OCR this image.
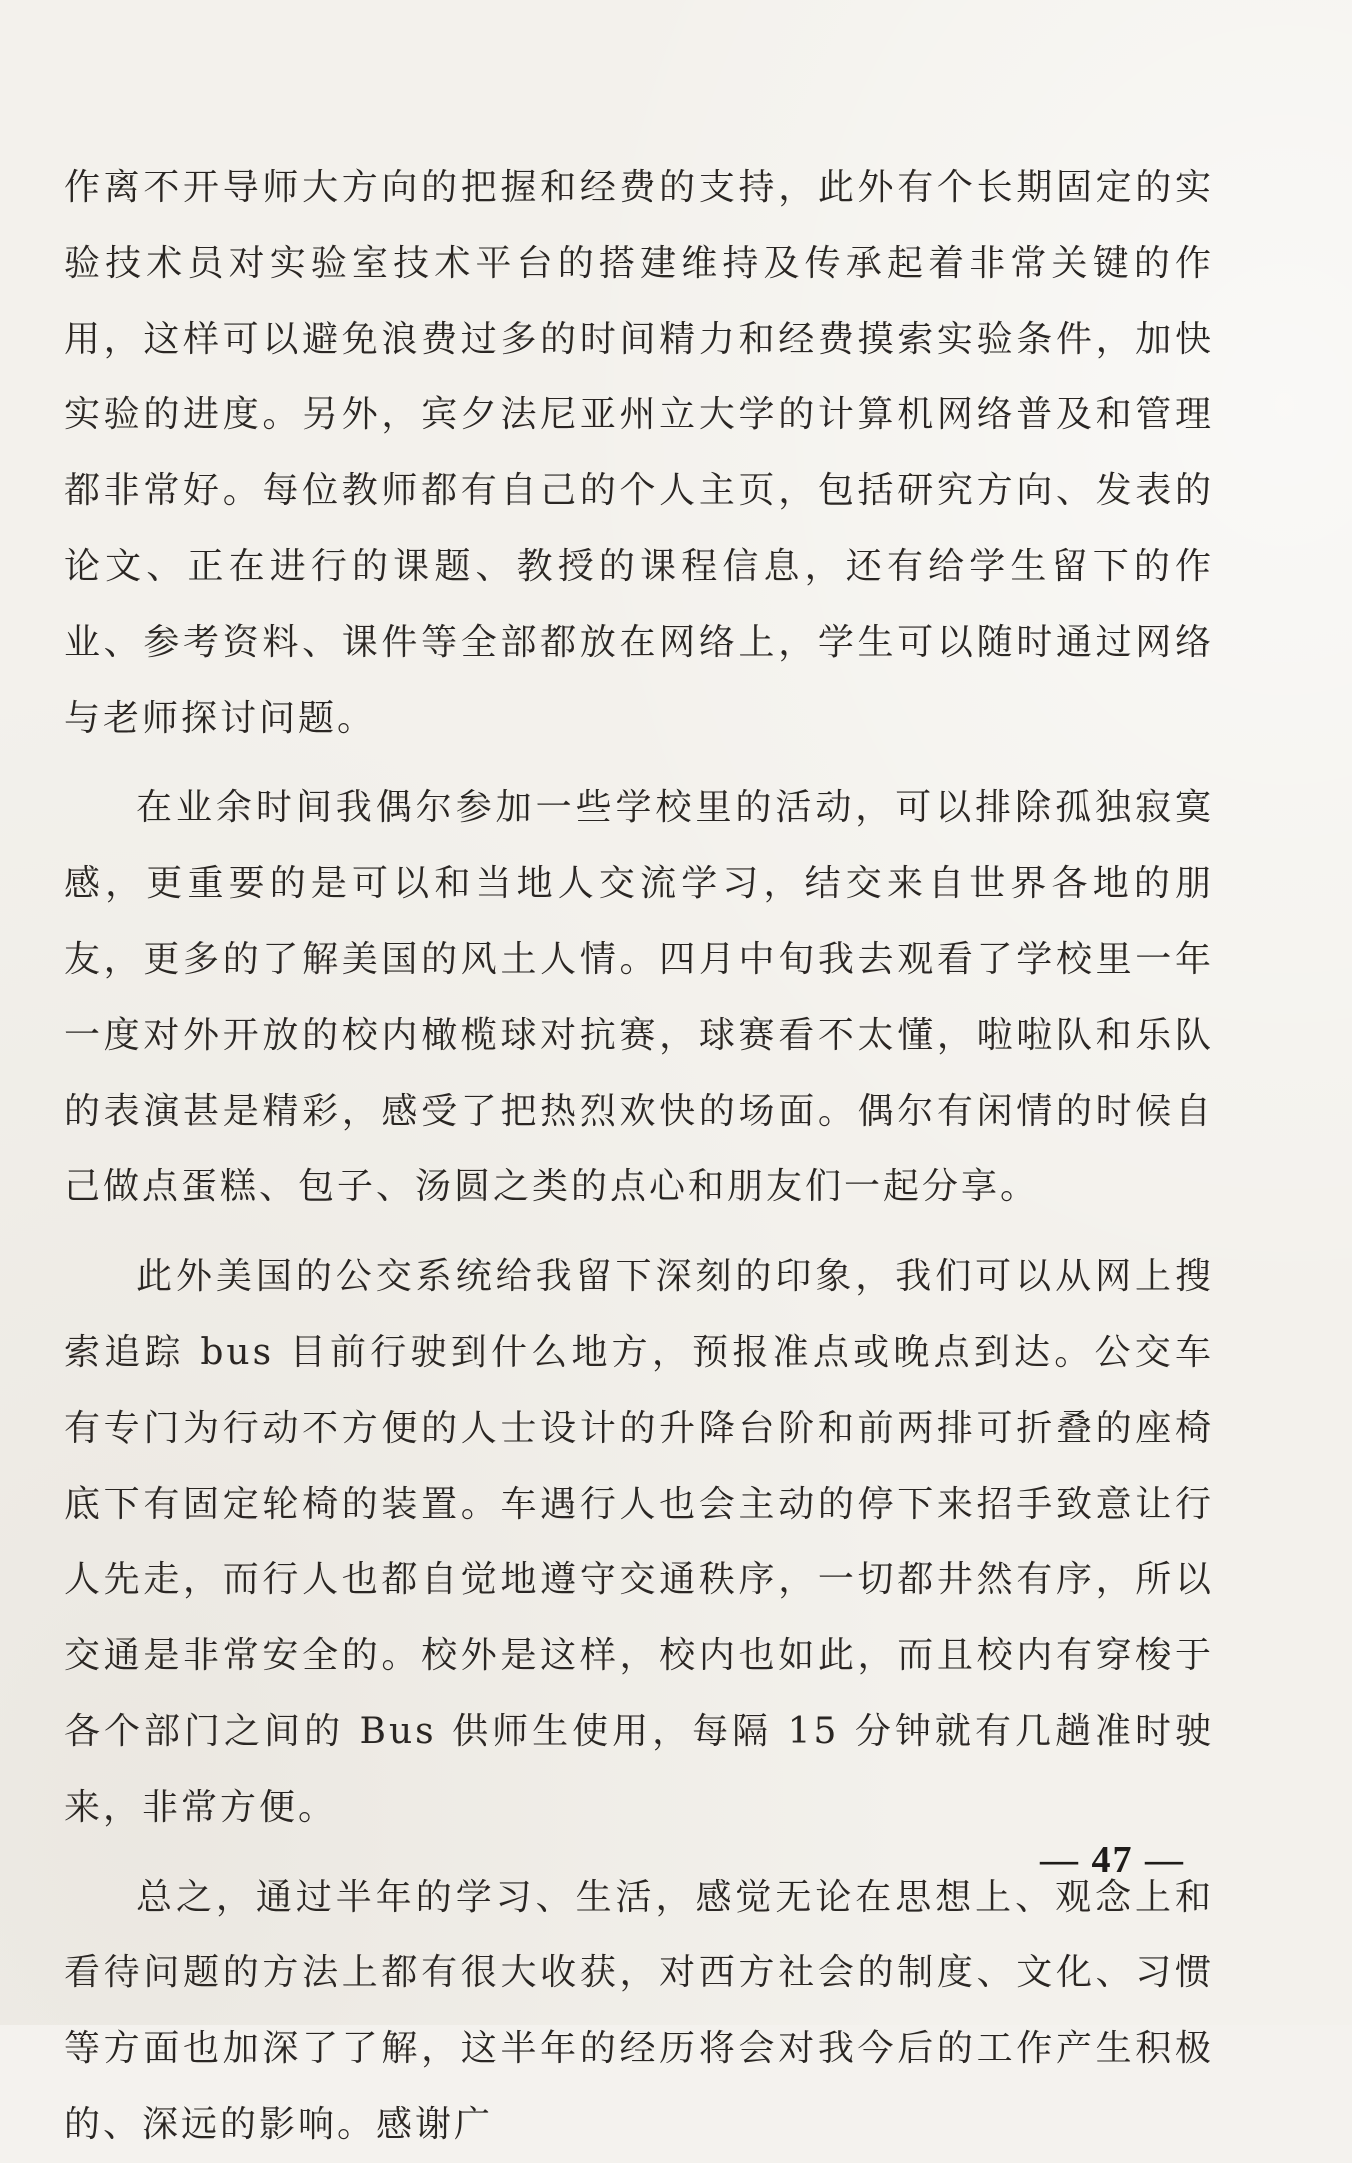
作离不开导师大方向的把握和经费的支持，此外有个长期固定的实验技术员对实验室技术平台的搭建维持及传承起着非常关键的作用，这样可以避免浪费过多的时间精力和经费摸索实验条件，加快实验的进度。另外，宾夕法尼亚州立大学的计算机网络普及和管理都非常好。每位教师都有自己的个人主页，包括研究方向、发表的论文、正在进行的课题、教授的课程信息，还有给学生留下的作业、参考资料、课件等全部都放在网络上，学生可以随时通过网络与老师探讨问题。

在业余时间我偶尔参加一些学校里的活动，可以排除孤独寂寞感，更重要的是可以和当地人交流学习，结交来自世界各地的朋友，更多的了解美国的风土人情。四月中旬我去观看了学校里一年一度对外开放的校内橄榄球对抗赛，球赛看不太懂，啦啦队和乐队的表演甚是精彩，感受了把热烈欢快的场面。偶尔有闲情的时候自己做点蛋糕、包子、汤圆之类的点心和朋友们一起分享。

此外美国的公交系统给我留下深刻的印象，我们可以从网上搜索追踪 bus 目前行驶到什么地方，预报准点或晚点到达。公交车有专门为行动不方便的人士设计的升降台阶和前两排可折叠的座椅底下有固定轮椅的装置。车遇行人也会主动的停下来招手致意让行人先走，而行人也都自觉地遵守交通秩序，一切都井然有序，所以交通是非常安全的。校外是这样，校内也如此，而且校内有穿梭于各个部门之间的 Bus 供师生使用，每隔 15 分钟就有几趟准时驶来，非常方便。

总之，通过半年的学习、生活，感觉无论在思想上、观念上和看待问题的方法上都有很大收获，对西方社会的制度、文化、习惯等方面也加深了了解，这半年的经历将会对我今后的工作产生积极的、深远的影响。感谢广

— 47 —
